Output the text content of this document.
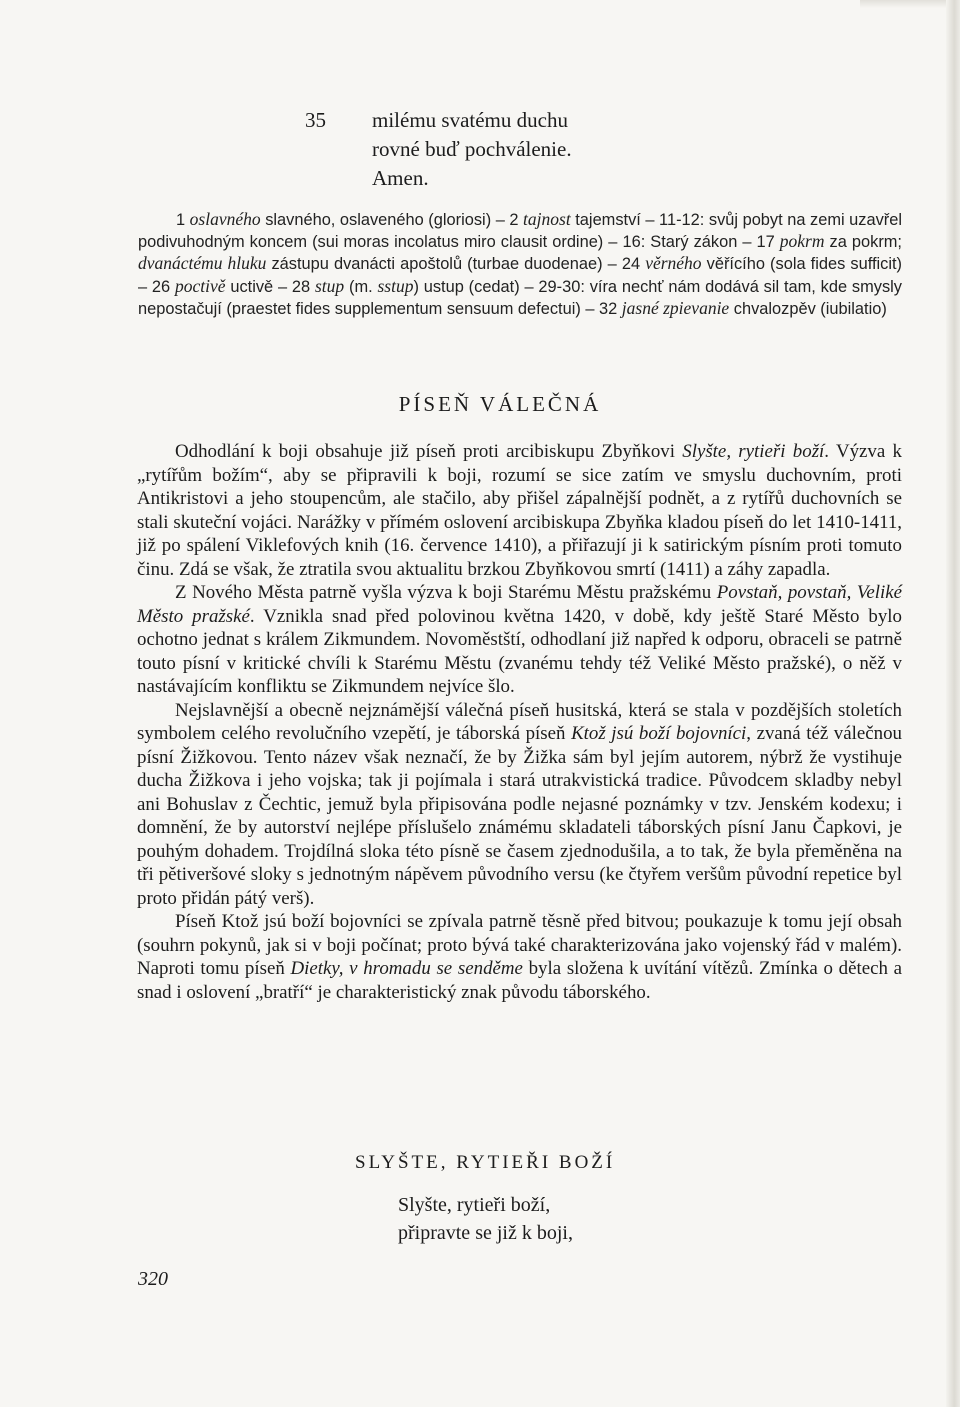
35	milému svatému duchu
rovné buď pochválenie.
Amen.

1 oslavného slavného, oslaveného (gloriosi) – 2 tajnost tajemství – 11-12: svůj pobyt na zemi uzavřel podivuhodným koncem (sui moras incolatus miro clausit ordine) – 16: Starý zákon – 17 pokrm za pokrm; dvanáctému hluku zástupu dvanácti apoštolů (turbae duodenae) – 24 věrného věřícího (sola fides sufficit) – 26 poctivě uctivě – 28 stup (m. sstup) ustup (cedat) – 29-30: víra nechť nám dodává sil tam, kde smysly nepostačují (praestet fides supplementum sensuum defectui) – 32 jasné zpievanie chvalozpěv (iubilatio)

PÍSEŇ VÁLEČNÁ

Odhodlání k boji obsahuje již píseň proti arcibiskupu Zbyňkovi Slyšte, rytieři boží. Výzva k „rytířům božím“, aby se připravili k boji, rozumí se sice zatím ve smyslu duchovním, proti Antikristovi a jeho stoupencům, ale stačilo, aby přišel zápalnější podnět, a z rytířů duchovních se stali skuteční vojáci. Narážky v přímém oslovení arcibiskupa Zbyňka kladou píseň do let 1410-1411, již po spálení Viklefových knih (16. července 1410), a přiřazují ji k satirickým písním proti tomuto činu. Zdá se však, že ztratila svou aktualitu brzkou Zbyňkovou smrtí (1411) a záhy zapadla.

Z Nového Města patrně vyšla výzva k boji Starému Městu pražskému Povstaň, povstaň, Veliké Město pražské. Vznikla snad před polovinou května 1420, v době, kdy ještě Staré Město bylo ochotno jednat s králem Zikmundem. Novoměstští, odhodlaní již napřed k odporu, obraceli se patrně touto písní v kritické chvíli k Starému Městu (zvanému tehdy též Veliké Město pražské), o něž v nastávajícím konfliktu se Zikmundem nejvíce šlo.

Nejslavnější a obecně nejznámější válečná píseň husitská, která se stala v pozdějších stoletích symbolem celého revolučního vzepětí, je táborská píseň Ktož jsú boží bojovníci, zvaná též válečnou písní Žižkovou. Tento název však neznačí, že by Žižka sám byl jejím autorem, nýbrž že vystihuje ducha Žižkova i jeho vojska; tak ji pojímala i stará utrakvistická tradice. Původcem skladby nebyl ani Bohuslav z Čechtic, jemuž byla připisována podle nejasné poznámky v tzv. Jenském kodexu; i domnění, že by autorství nejlépe příslušelo známému skladateli táborských písní Janu Čapkovi, je pouhým dohadem. Trojdílná sloka této písně se časem zjednodušila, a to tak, že byla přeměněna na tři pětiveršové sloky s jednotným nápěvem původního versu (ke čtyřem veršům původní repetice byl proto přidán pátý verš).

Píseň Ktož jsú boží bojovníci se zpívala patrně těsně před bitvou; poukazuje k tomu její obsah (souhrn pokynů, jak si v boji počínat; proto bývá také charakterizována jako vojenský řád v malém). Naproti tomu píseň Dietky, v hromadu se senděme byla složena k uvítání vítězů. Zmínka o dětech a snad i oslovení „bratří“ je charakteristický znak původu táborského.

SLYŠTE, RYTIEŘI BOŽÍ
Slyšte, rytieři boží,
připravte se již k boji,
320
